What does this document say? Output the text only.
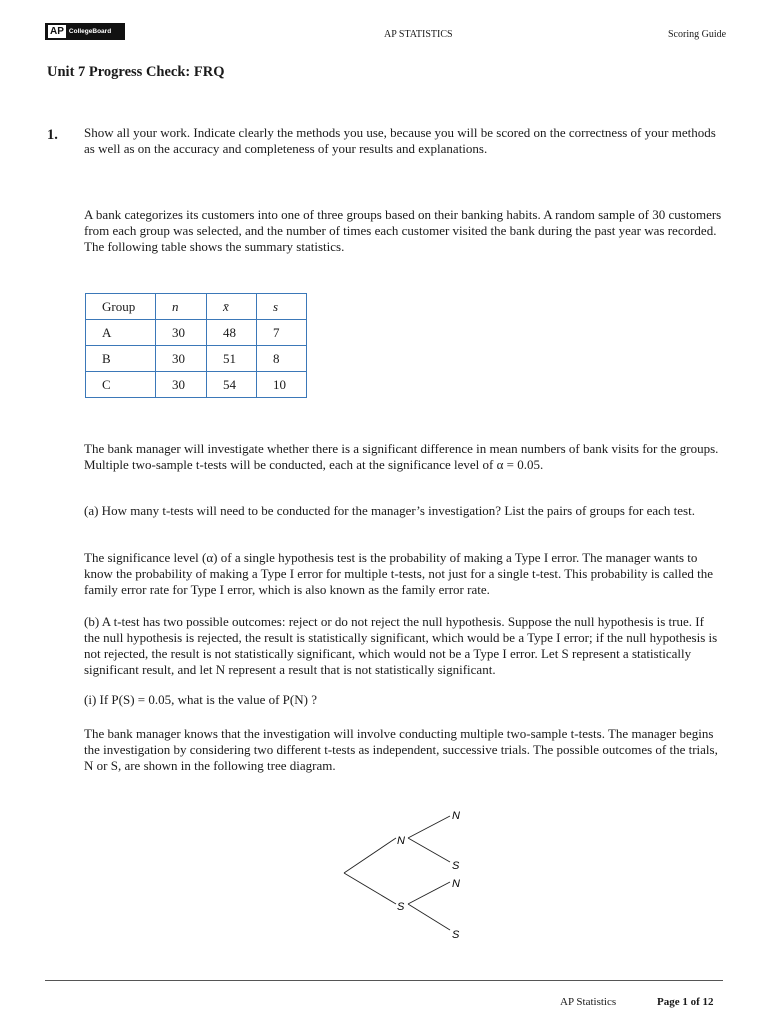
AP CollegeBoard	AP STATISTICS	Scoring Guide
Unit 7 Progress Check: FRQ
1. Show all your work. Indicate clearly the methods you use, because you will be scored on the correctness of your methods as well as on the accuracy and completeness of your results and explanations.
A bank categorizes its customers into one of three groups based on their banking habits. A random sample of 30 customers from each group was selected, and the number of times each customer visited the bank during the past year was recorded. The following table shows the summary statistics.
Group	n	x̄	s
A	30	48	7
B	30	51	8
C	30	54	10
The bank manager will investigate whether there is a significant difference in mean numbers of bank visits for the groups. Multiple two-sample t-tests will be conducted, each at the significance level of α = 0.05.
(a) How many t-tests will need to be conducted for the manager’s investigation? List the pairs of groups for each test.
The significance level (α) of a single hypothesis test is the probability of making a Type I error. The manager wants to know the probability of making a Type I error for multiple t-tests, not just for a single t-test. This probability is called the family error rate for Type I error, which is also known as the family error rate.
(b) A t-test has two possible outcomes: reject or do not reject the null hypothesis. Suppose the null hypothesis is true. If the null hypothesis is rejected, the result is statistically significant, which would be a Type I error; if the null hypothesis is not rejected, the result is not statistically significant, which would not be a Type I error. Let S represent a statistically significant result, and let N represent a result that is not statistically significant.
(i) If P(S) = 0.05, what is the value of P(N) ?
The bank manager knows that the investigation will involve conducting multiple two-sample t-tests. The manager begins the investigation by considering two different t-tests as independent, successive trials. The possible outcomes of the trials, N or S, are shown in the following tree diagram.
N
S
N
S
N
S
AP Statistics	Page 1 of 12
